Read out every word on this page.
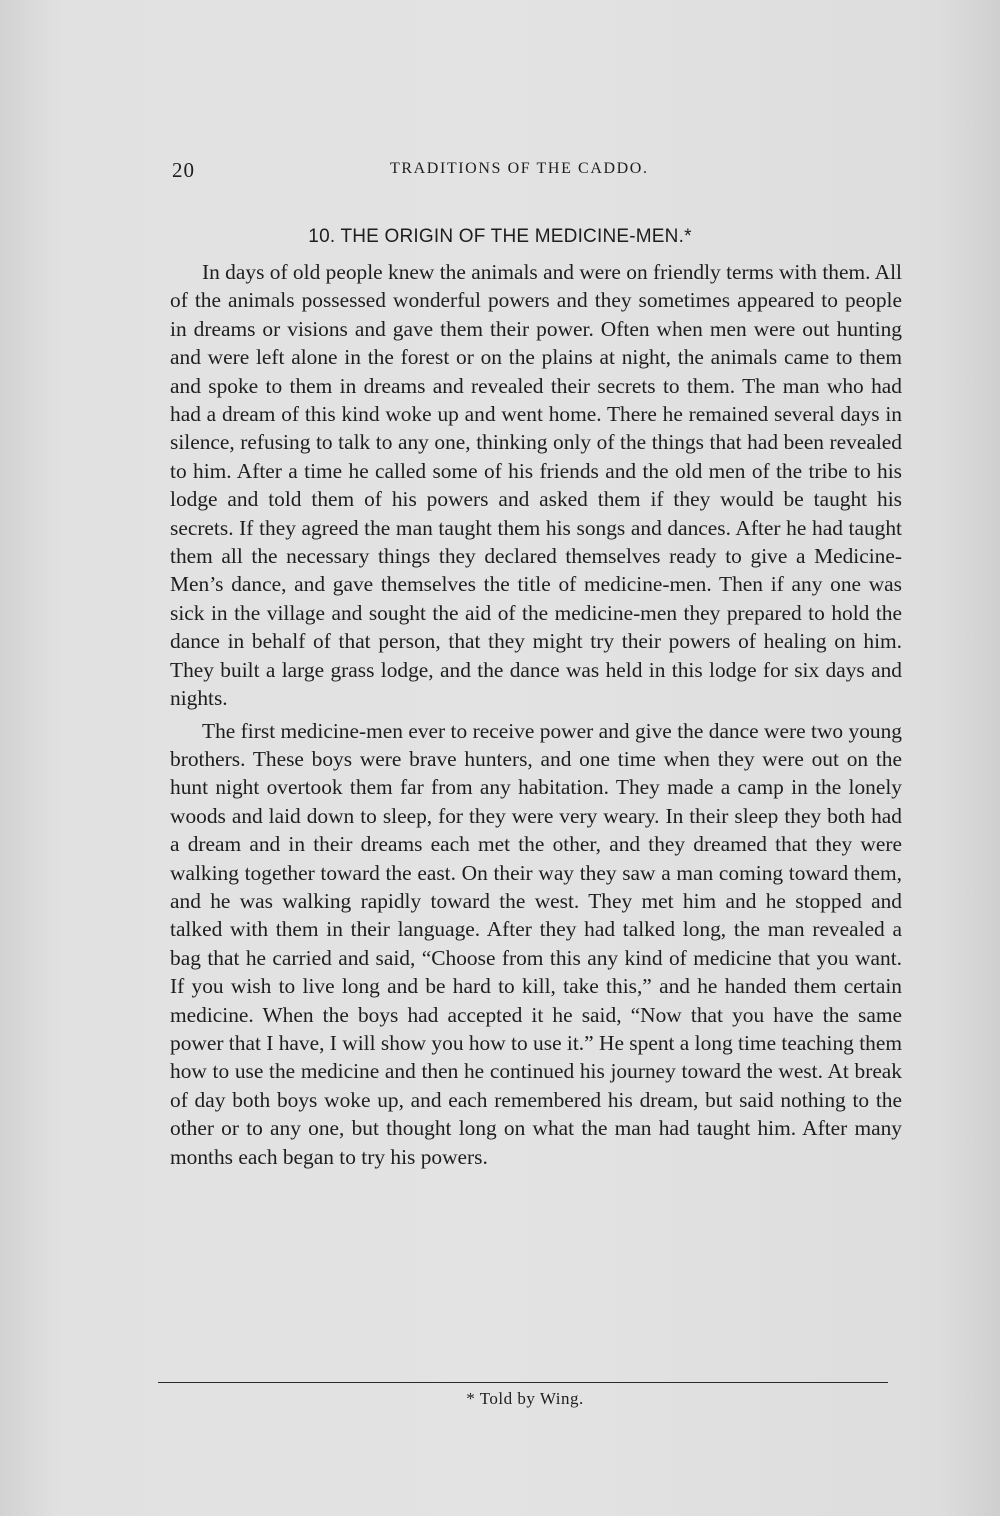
20	TRADITIONS OF THE CADDO.
10. THE ORIGIN OF THE MEDICINE-MEN.*

In days of old people knew the animals and were on friendly terms with them. All of the animals possessed wonderful powers and they sometimes appeared to people in dreams or visions and gave them their power. Often when men were out hunting and were left alone in the forest or on the plains at night, the animals came to them and spoke to them in dreams and revealed their secrets to them. The man who had had a dream of this kind woke up and went home. There he remained several days in silence, refusing to talk to any one, thinking only of the things that had been revealed to him. After a time he called some of his friends and the old men of the tribe to his lodge and told them of his powers and asked them if they would be taught his secrets. If they agreed the man taught them his songs and dances. After he had taught them all the necessary things they declared themselves ready to give a Medicine-Men’s dance, and gave themselves the title of medicine-men. Then if any one was sick in the village and sought the aid of the medicine-men they prepared to hold the dance in behalf of that person, that they might try their powers of healing on him. They built a large grass lodge, and the dance was held in this lodge for six days and nights.

The first medicine-men ever to receive power and give the dance were two young brothers. These boys were brave hunters, and one time when they were out on the hunt night overtook them far from any habitation. They made a camp in the lonely woods and laid down to sleep, for they were very weary. In their sleep they both had a dream and in their dreams each met the other, and they dreamed that they were walking together toward the east. On their way they saw a man coming toward them, and he was walking rapidly toward the west. They met him and he stopped and talked with them in their language. After they had talked long, the man revealed a bag that he carried and said, “Choose from this any kind of medicine that you want. If you wish to live long and be hard to kill, take this,” and he handed them certain medicine. When the boys had accepted it he said, “Now that you have the same power that I have, I will show you how to use it.” He spent a long time teaching them how to use the medicine and then he continued his journey toward the west. At break of day both boys woke up, and each remembered his dream, but said nothing to the other or to any one, but thought long on what the man had taught him. After many months each began to try his powers.

* Told by Wing.
